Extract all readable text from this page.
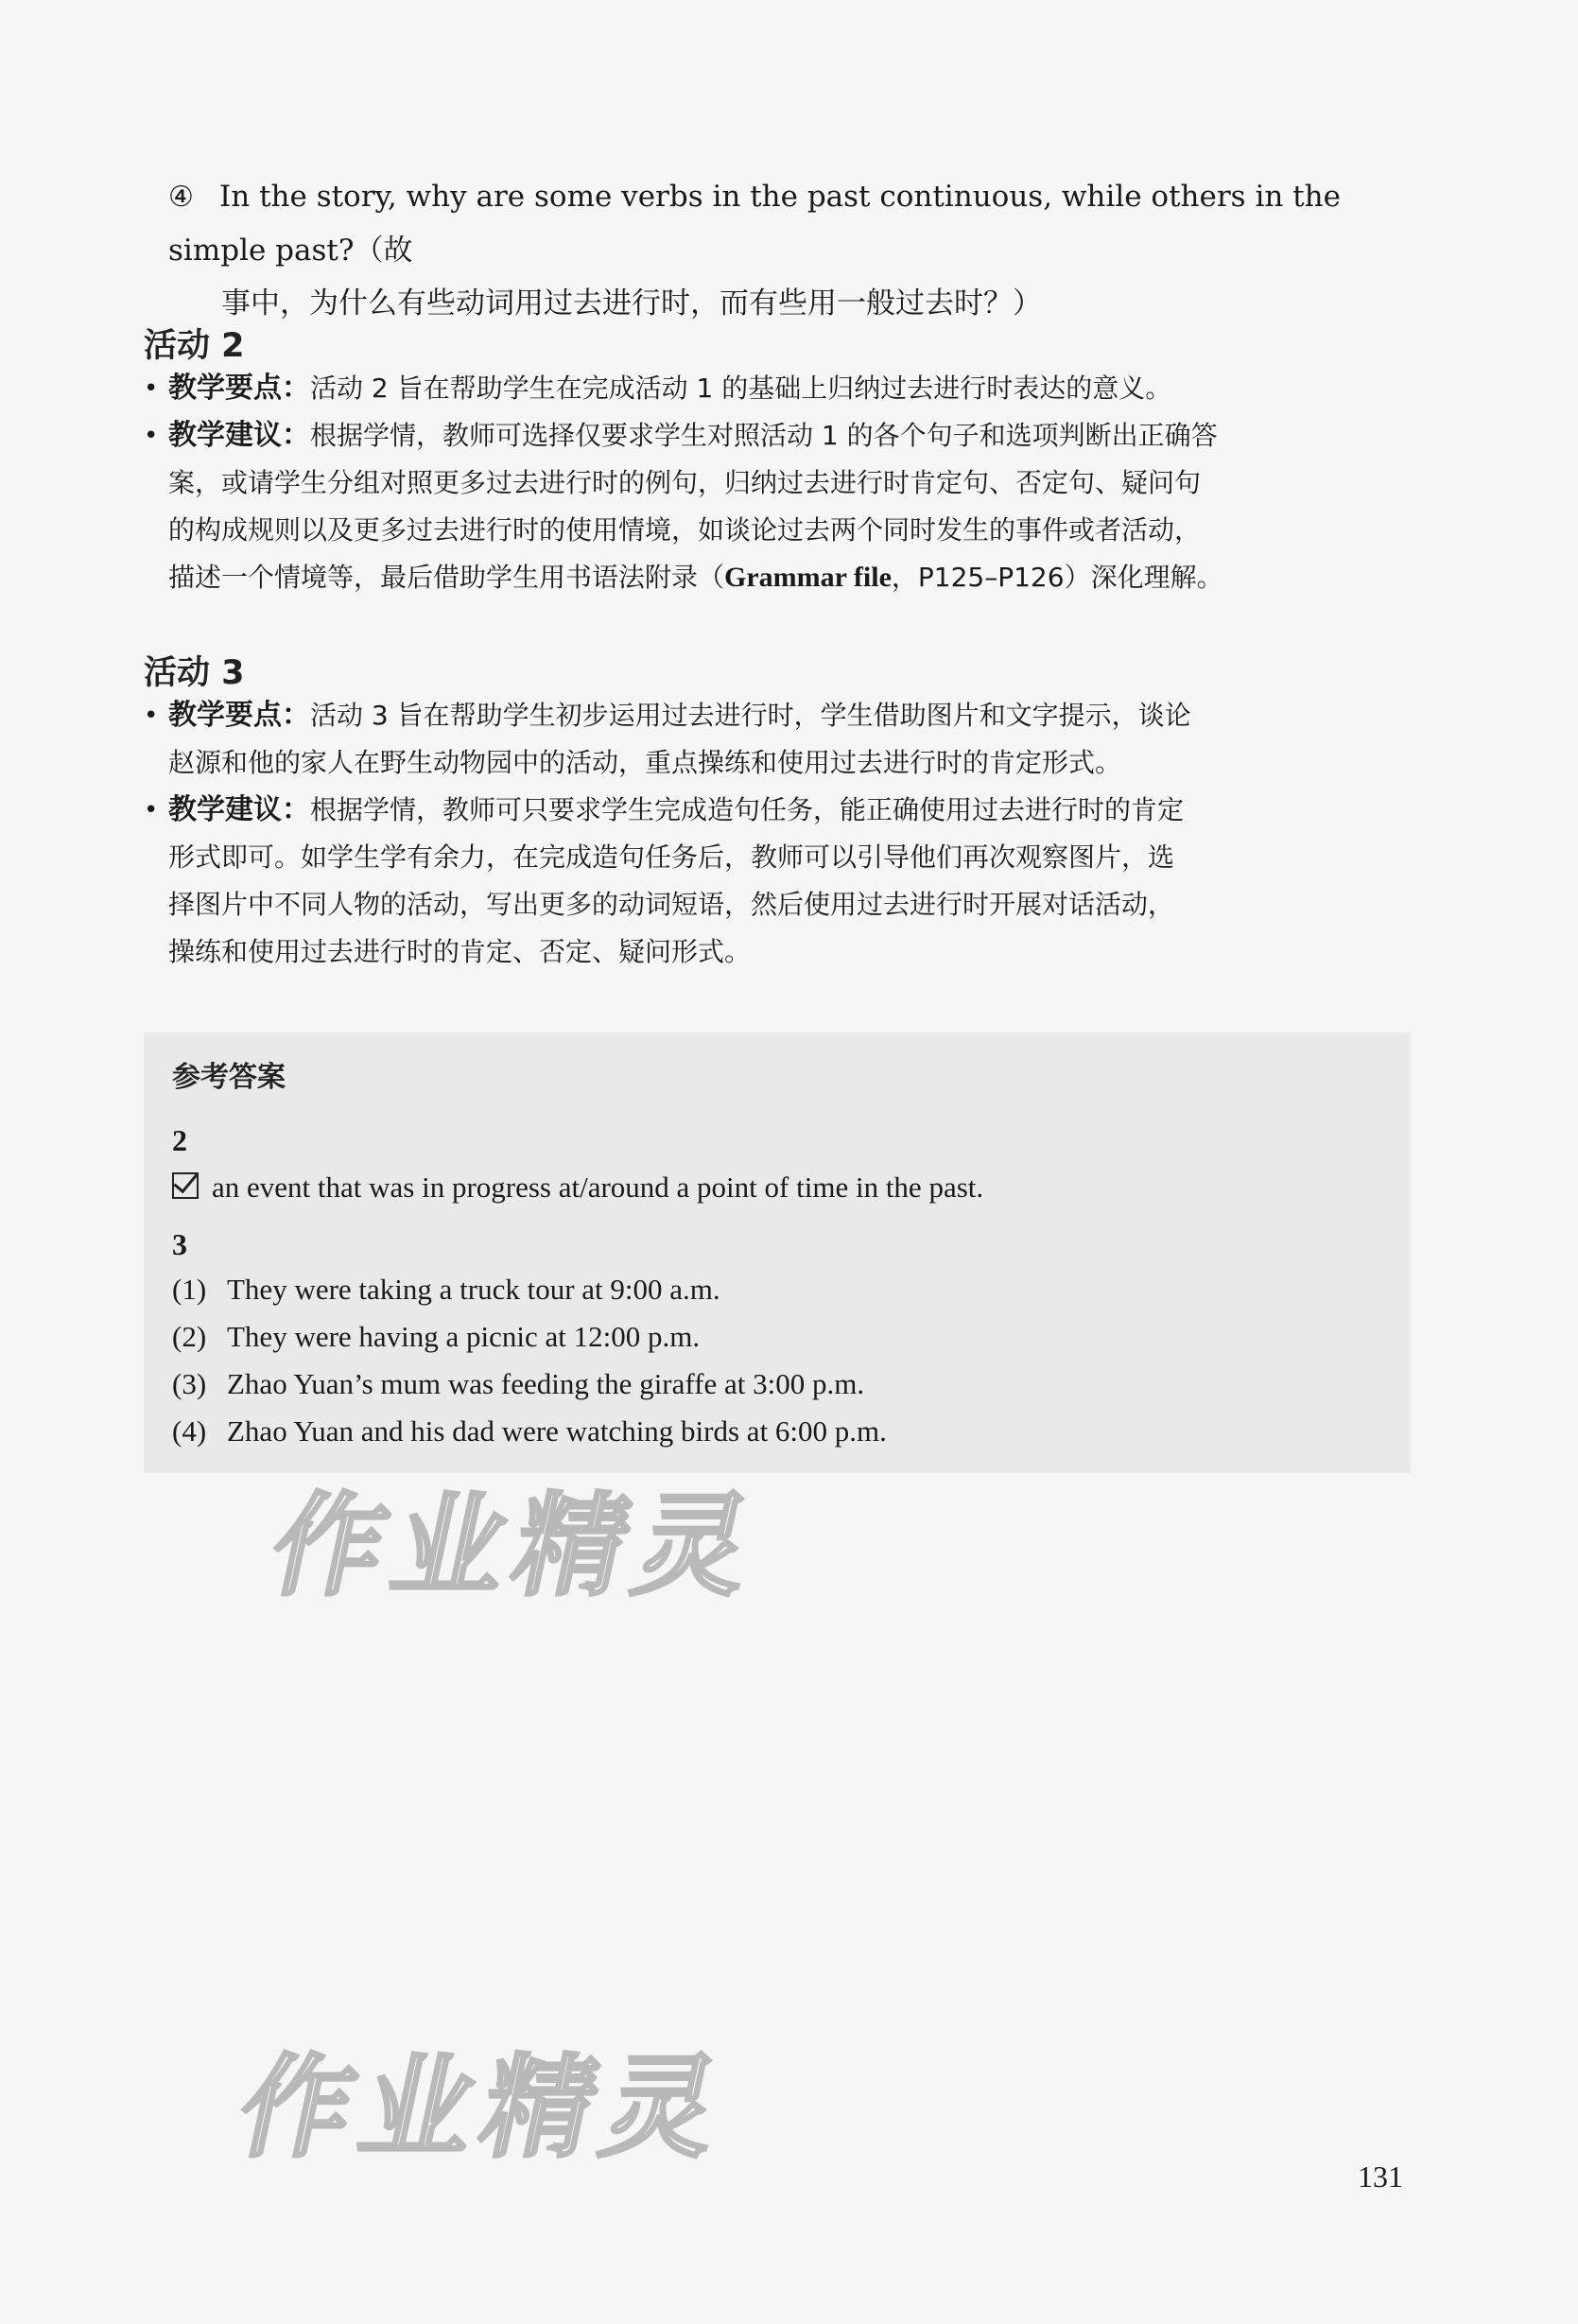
④ In the story, why are some verbs in the past continuous, while others in the simple past?（故
事中，为什么有些动词用过去进行时，而有些用一般过去时？）
活动 2

• 教学要点：活动 2 旨在帮助学生在完成活动 1 的基础上归纳过去进行时表达的意义。

• 教学建议：根据学情，教师可选择仅要求学生对照活动 1 的各个句子和选项判断出正确答
案，或请学生分组对照更多过去进行时的例句，归纳过去进行时肯定句、否定句、疑问句
的构成规则以及更多过去进行时的使用情境，如谈论过去两个同时发生的事件或者活动，
描述一个情境等，最后借助学生用书语法附录（Grammar file，P125–P126）深化理解。

活动 3

• 教学要点：活动 3 旨在帮助学生初步运用过去进行时，学生借助图片和文字提示，谈论
赵源和他的家人在野生动物园中的活动，重点操练和使用过去进行时的肯定形式。

• 教学建议：根据学情，教师可只要求学生完成造句任务，能正确使用过去进行时的肯定
形式即可。如学生学有余力，在完成造句任务后，教师可以引导他们再次观察图片，选
择图片中不同人物的活动，写出更多的动词短语，然后使用过去进行时开展对话活动，
操练和使用过去进行时的肯定、否定、疑问形式。

参考答案
2
an event that was in progress at/around a point of time in the past.
3
(1) They were taking a truck tour at 9:00 a.m.
(2) They were having a picnic at 12:00 p.m.
(3) Zhao Yuan’s mum was feeding the giraffe at 3:00 p.m.
(4) Zhao Yuan and his dad were watching birds at 6:00 p.m.
作业精灵
作业精灵
131
